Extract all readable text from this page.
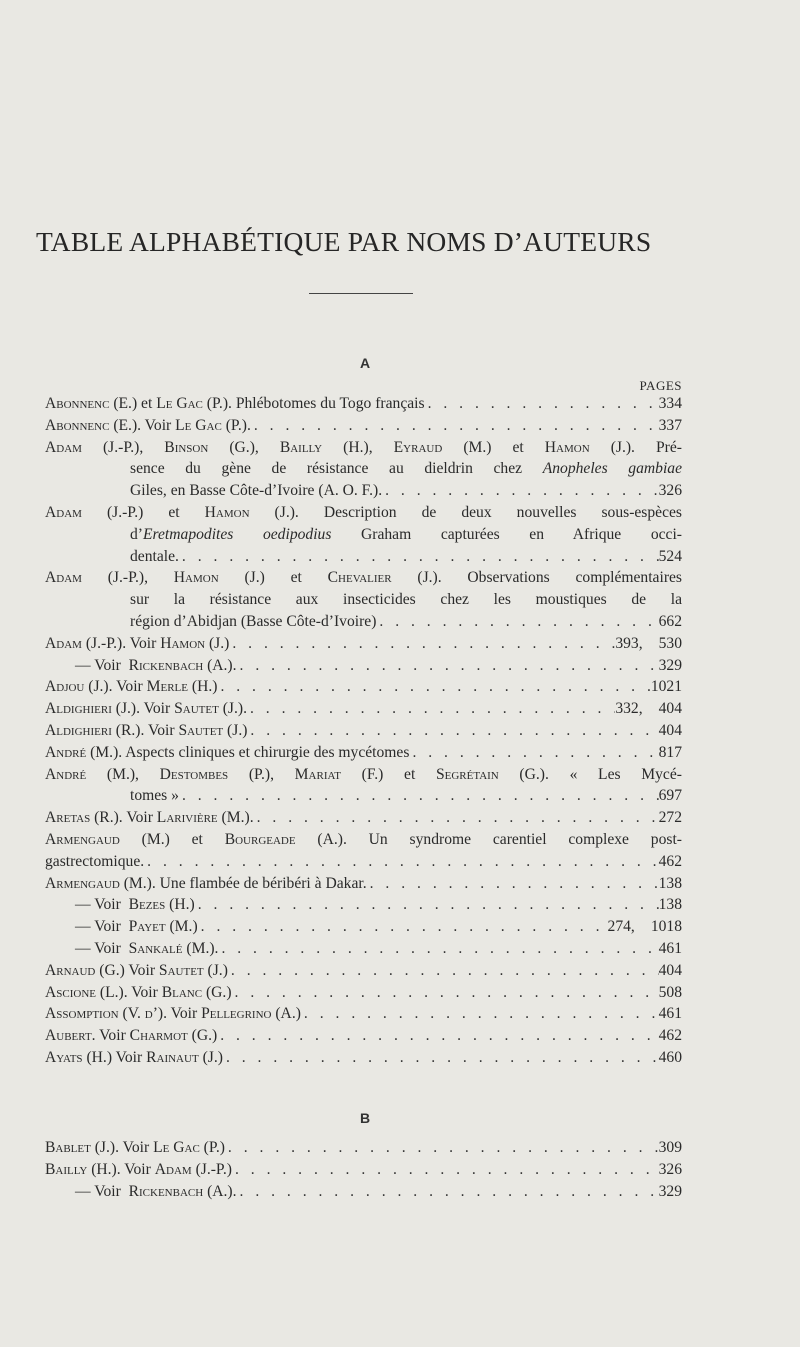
TABLE ALPHABÉTIQUE PAR NOMS D’AUTEURS
A
PAGES
Abonnenc (E.) et Le Gac (P.). Phlébotomes du Togo français . . .	334
Abonnenc (E.). Voir Le Gac (P.). . . .	337
Adam (J.-P.), Binson (G.), Bailly (H.), Eyraud (M.) et Hamon (J.). Pré-
sence du gène de résistance au dieldrin chez Anopheles gambiae
Giles, en Basse Côte-d’Ivoire (A. O. F.). . . .	326
Adam (J.-P.) et Hamon (J.). Description de deux nouvelles sous-espèces
d’Eretmapodites oedipodius Graham capturées en Afrique occi-
dentale. . . .	524
Adam (J.-P.), Hamon (J.) et Chevalier (J.). Observations complémentaires
sur la résistance aux insecticides chez les moustiques de la
région d’Abidjan (Basse Côte-d’Ivoire) . . .	662
Adam (J.-P.). Voir Hamon (J.) . . .	393, 530
— Voir  Rickenbach (A.). . . .	329
Adjou (J.). Voir Merle (H.) . . .	1021
Aldighieri (J.). Voir Sautet (J.). . . .	332, 404
Aldighieri (R.). Voir Sautet (J.) . . .	404
André (M.). Aspects cliniques et chirurgie des mycétomes . . .	817
André (M.), Destombes (P.), Mariat (F.) et Segrétain (G.). « Les Mycé-
tomes » . . .	697
Aretas (R.). Voir Larivière (M.). . . .	272
Armengaud (M.) et Bourgeade (A.). Un syndrome carentiel complexe post-
gastrectomique. . . .	462
Armengaud (M.). Une flambée de béribéri à Dakar. . . .	138
— Voir  Bezes (H.) . . .	138
— Voir  Payet (M.) . . .	274, 1018
— Voir  Sankalé (M.). . . .	461
Arnaud (G.) Voir Sautet (J.) . . .	404
Ascione (L.). Voir Blanc (G.) . . .	508
Assomption (V. d’). Voir Pellegrino (A.) . . .	461
Aubert. Voir Charmot (G.) . . .	462
Ayats (H.) Voir Rainaut (J.) . . .	460
B
Bablet (J.). Voir Le Gac (P.) . . .	309
Bailly (H.). Voir Adam (J.-P.) . . .	326
— Voir  Rickenbach (A.). . . .	329
